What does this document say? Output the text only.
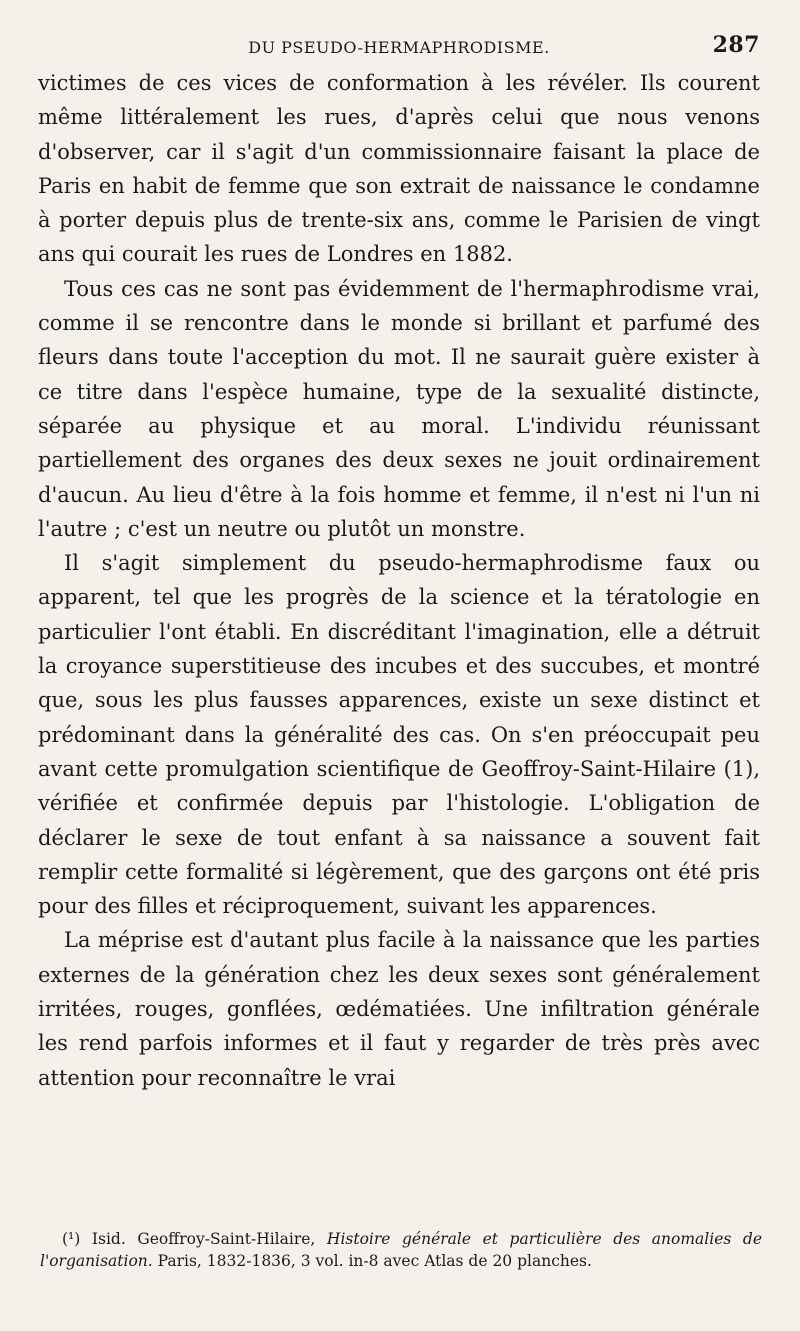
DU PSEUDO-HERMAPHRODISME.	287

victimes de ces vices de conformation à les révéler. Ils courent même littéralement les rues, d'après celui que nous venons d'observer, car il s'agit d'un commissionnaire faisant la place de Paris en habit de femme que son extrait de naissance le condamne à porter depuis plus de trente-six ans, comme le Parisien de vingt ans qui courait les rues de Londres en 1882.

Tous ces cas ne sont pas évidemment de l'hermaphrodisme vrai, comme il se rencontre dans le monde si brillant et parfumé des fleurs dans toute l'acception du mot. Il ne saurait guère exister à ce titre dans l'espèce humaine, type de la sexualité distincte, séparée au physique et au moral. L'individu réunissant partiellement des organes des deux sexes ne jouit ordinairement d'aucun. Au lieu d'être à la fois homme et femme, il n'est ni l'un ni l'autre ; c'est un neutre ou plutôt un monstre.

Il s'agit simplement du pseudo-hermaphrodisme faux ou apparent, tel que les progrès de la science et la tératologie en particulier l'ont établi. En discréditant l'imagination, elle a détruit la croyance superstitieuse des incubes et des succubes, et montré que, sous les plus fausses apparences, existe un sexe distinct et prédominant dans la généralité des cas. On s'en préoccupait peu avant cette promulgation scientifique de Geoffroy-Saint-Hilaire (1), vérifiée et confirmée depuis par l'histologie. L'obligation de déclarer le sexe de tout enfant à sa naissance a souvent fait remplir cette formalité si légèrement, que des garçons ont été pris pour des filles et réciproquement, suivant les apparences.

La méprise est d'autant plus facile à la naissance que les parties externes de la génération chez les deux sexes sont généralement irritées, rouges, gonflées, œdématiées. Une infiltration générale les rend parfois informes et il faut y regarder de très près avec attention pour reconnaître le vrai

(¹) Isid. Geoffroy-Saint-Hilaire, Histoire générale et particulière des anomalies de l'organisation. Paris, 1832-1836, 3 vol. in-8 avec Atlas de 20 planches.
